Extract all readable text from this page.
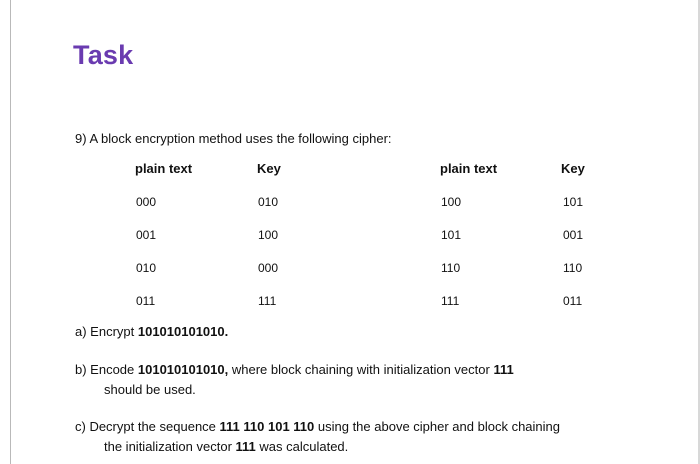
Task
9) A block encryption method uses the following cipher:
plain text	Key
000	010
001	100
010	000
011	111
plain text	Key
100	101
101	001
110	110
111	011
a) Encrypt 101010101010.
b) Encode 101010101010, where block chaining with initialization vector 111
should be used.
c) Decrypt the sequence 111 110 101 110 using the above cipher and block chaining
the initialization vector 111 was calculated.
